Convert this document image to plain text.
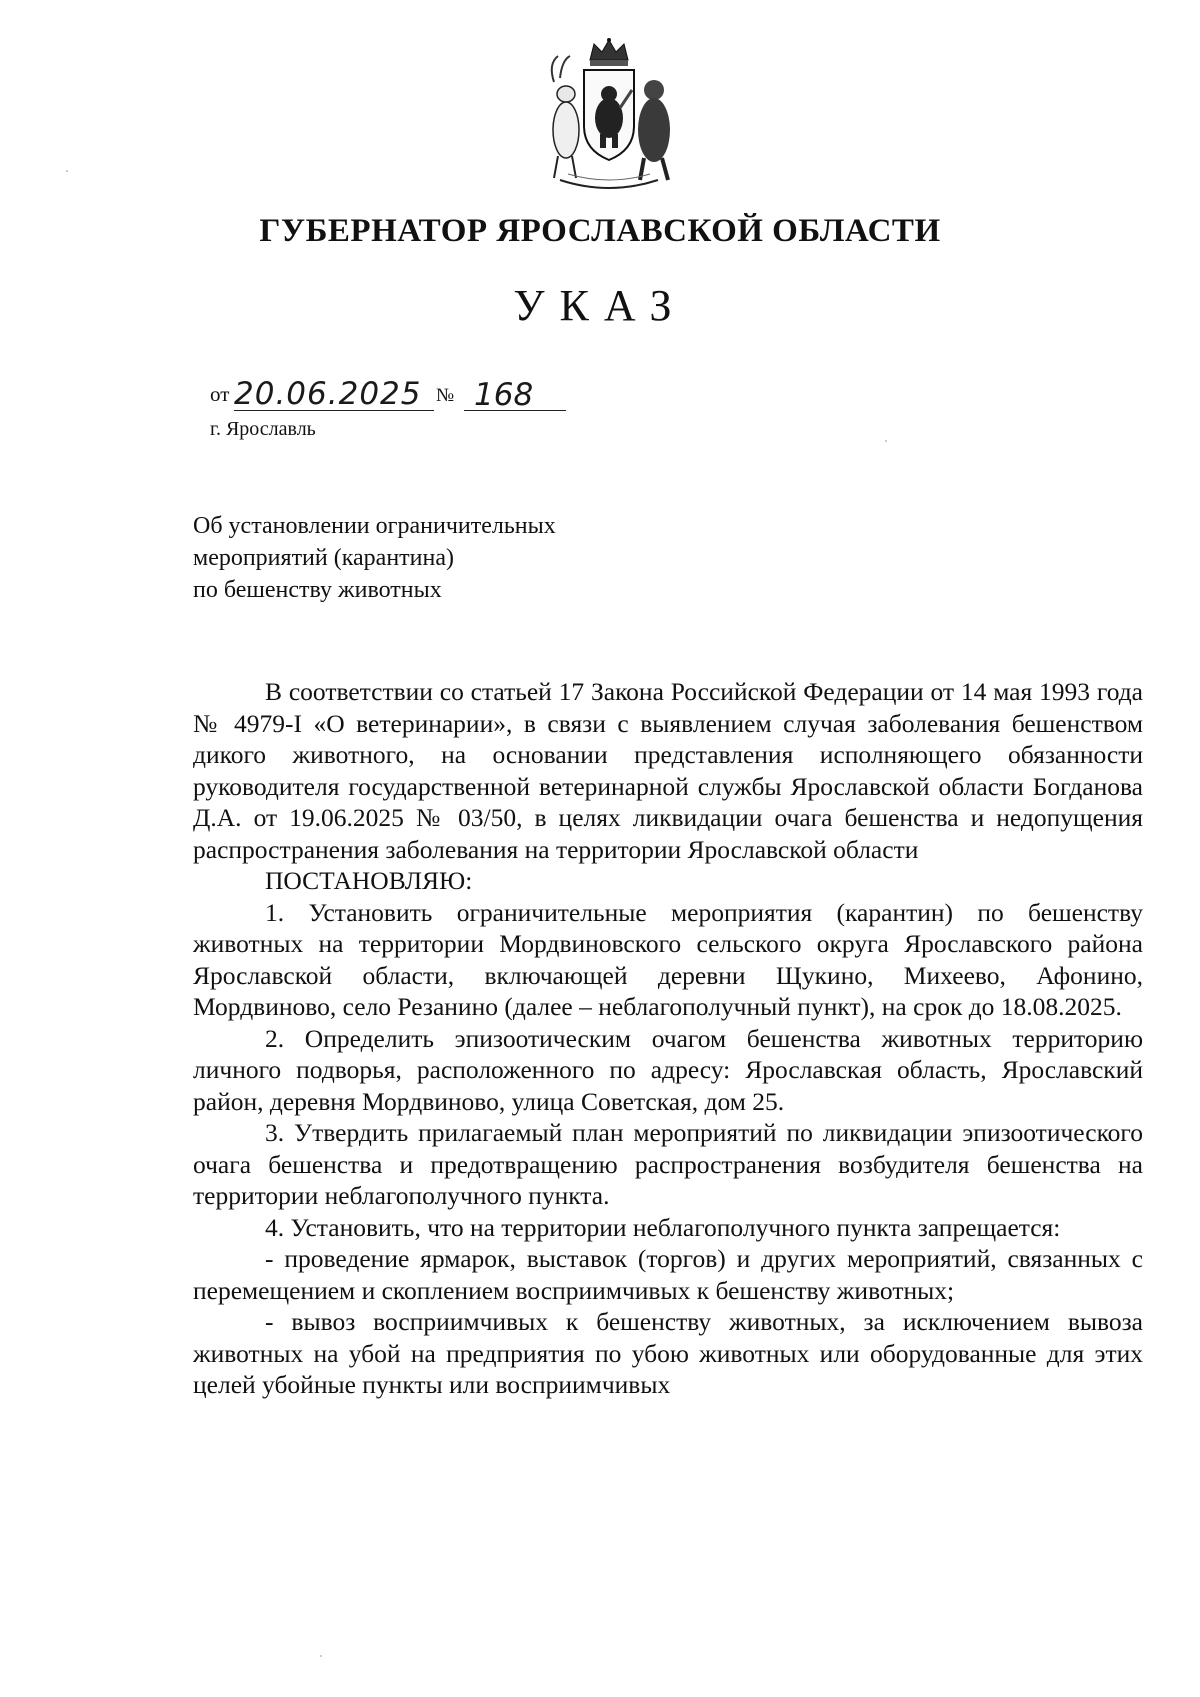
ГУБЕРНАТОР ЯРОСЛАВСКОЙ ОБЛАСТИ
УКАЗ
от 20.06.2025 № 168
г. Ярославль
Об установлении ограничительных
мероприятий (карантина)
по бешенству животных

В соответствии со статьей 17 Закона Российской Федерации от 14 мая 1993 года № 4979-I «О ветеринарии», в связи с выявлением случая заболевания бешенством дикого животного, на основании представления исполняющего обязанности руководителя государственной ветеринарной службы Ярославской области Богданова Д.А. от 19.06.2025 № 03/50, в целях ликвидации очага бешенства и недопущения распространения заболевания на территории Ярославской области

ПОСТАНОВЛЯЮ:

1. Установить ограничительные мероприятия (карантин) по бешенству животных на территории Мордвиновского сельского округа Ярославского района Ярославской области, включающей деревни Щукино, Михеево, Афонино, Мордвиново, село Резанино (далее – неблагополучный пункт), на срок до 18.08.2025.

2. Определить эпизоотическим очагом бешенства животных территорию личного подворья, расположенного по адресу: Ярославская область, Ярославский район, деревня Мордвиново, улица Советская, дом 25.

3. Утвердить прилагаемый план мероприятий по ликвидации эпизоотического очага бешенства и предотвращению распространения возбудителя бешенства на территории неблагополучного пункта.

4. Установить, что на территории неблагополучного пункта запрещается:

- проведение ярмарок, выставок (торгов) и других мероприятий, связанных с перемещением и скоплением восприимчивых к бешенству животных;

- вывоз восприимчивых к бешенству животных, за исключением вывоза животных на убой на предприятия по убою животных или оборудованные для этих целей убойные пункты или восприимчивых
